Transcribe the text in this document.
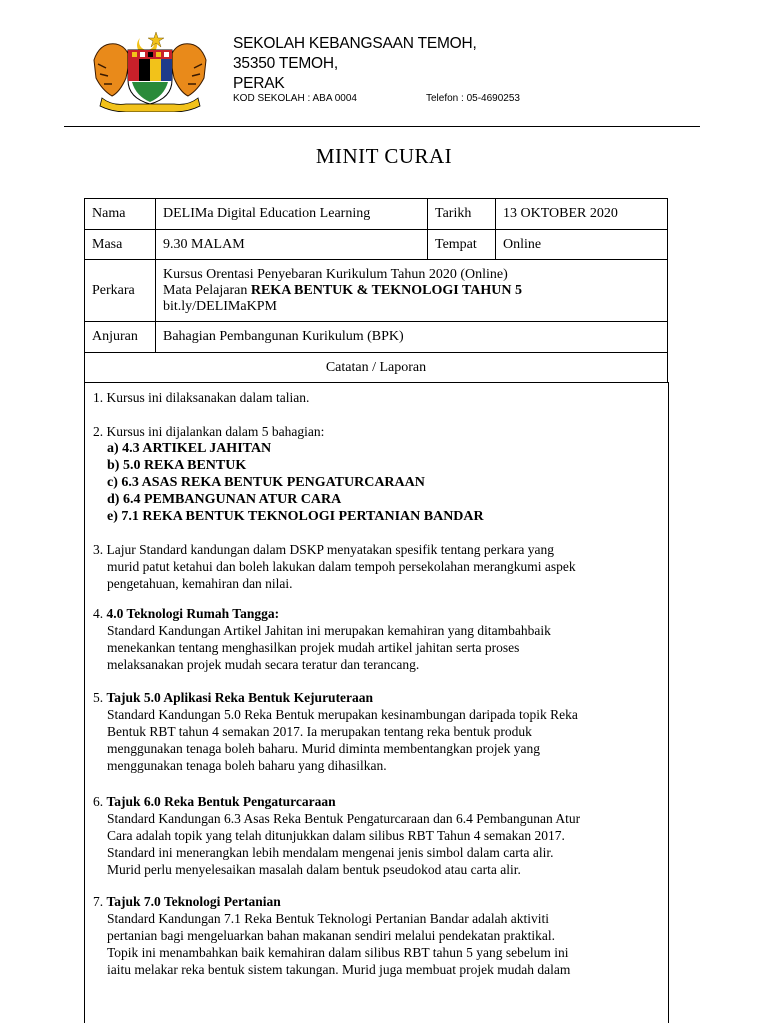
SEKOLAH KEBANGSAAN TEMOH,
35350 TEMOH,
PERAK
KOD SEKOLAH : ABA 0004	Telefon : 05-4690253
MINIT CURAI
Nama	DELIMa Digital Education Learning	Tarikh	13 OKTOBER 2020
Masa	9.30 MALAM	Tempat	Online
Perkara	Kursus Orentasi Penyebaran Kurikulum Tahun 2020 (Online)
Mata Pelajaran REKA BENTUK & TEKNOLOGI TAHUN 5
bit.ly/DELIMaKPM		

Anjuran	Bahagian Pembangunan Kurikulum (BPK)		
Catatan / Laporan			
1. Kursus ini dilaksanakan dalam talian.
2. Kursus ini dijalankan dalam 5 bahagian:
a) 4.3 ARTIKEL JAHITAN
b) 5.0 REKA BENTUK
c) 6.3 ASAS REKA BENTUK PENGATURCARAAN
d) 6.4 PEMBANGUNAN ATUR CARA
e) 7.1 REKA BENTUK TEKNOLOGI PERTANIAN BANDAR
3. Lajur Standard kandungan dalam DSKP menyatakan spesifik tentang perkara yang
murid patut ketahui dan boleh lakukan dalam tempoh persekolahan merangkumi aspek
pengetahuan, kemahiran dan nilai.
4. 4.0 Teknologi Rumah Tangga:
Standard Kandungan Artikel Jahitan ini merupakan kemahiran yang ditambahbaik
menekankan tentang menghasilkan projek mudah artikel jahitan serta proses
melaksanakan projek mudah secara teratur dan terancang.
5. Tajuk 5.0 Aplikasi Reka Bentuk Kejuruteraan
Standard Kandungan 5.0 Reka Bentuk merupakan kesinambungan daripada topik Reka
Bentuk RBT tahun 4 semakan 2017. Ia merupakan tentang reka bentuk produk
menggunakan tenaga boleh baharu. Murid diminta membentangkan projek yang
menggunakan tenaga boleh baharu yang dihasilkan.
6. Tajuk 6.0 Reka Bentuk Pengaturcaraan
Standard Kandungan 6.3 Asas Reka Bentuk Pengaturcaraan dan 6.4 Pembangunan Atur
Cara adalah topik yang telah ditunjukkan dalam silibus RBT Tahun 4 semakan 2017.
Standard ini menerangkan lebih mendalam mengenai jenis simbol dalam carta alir.
Murid perlu menyelesaikan masalah dalam bentuk pseudokod atau carta alir.
7. Tajuk 7.0 Teknologi Pertanian
Standard Kandungan 7.1 Reka Bentuk Teknologi Pertanian Bandar adalah aktiviti
pertanian bagi mengeluarkan bahan makanan sendiri melalui pendekatan praktikal.
Topik ini menambahkan baik kemahiran dalam silibus RBT tahun 5 yang sebelum ini
iaitu melakar reka bentuk sistem takungan. Murid juga membuat projek mudah dalam
